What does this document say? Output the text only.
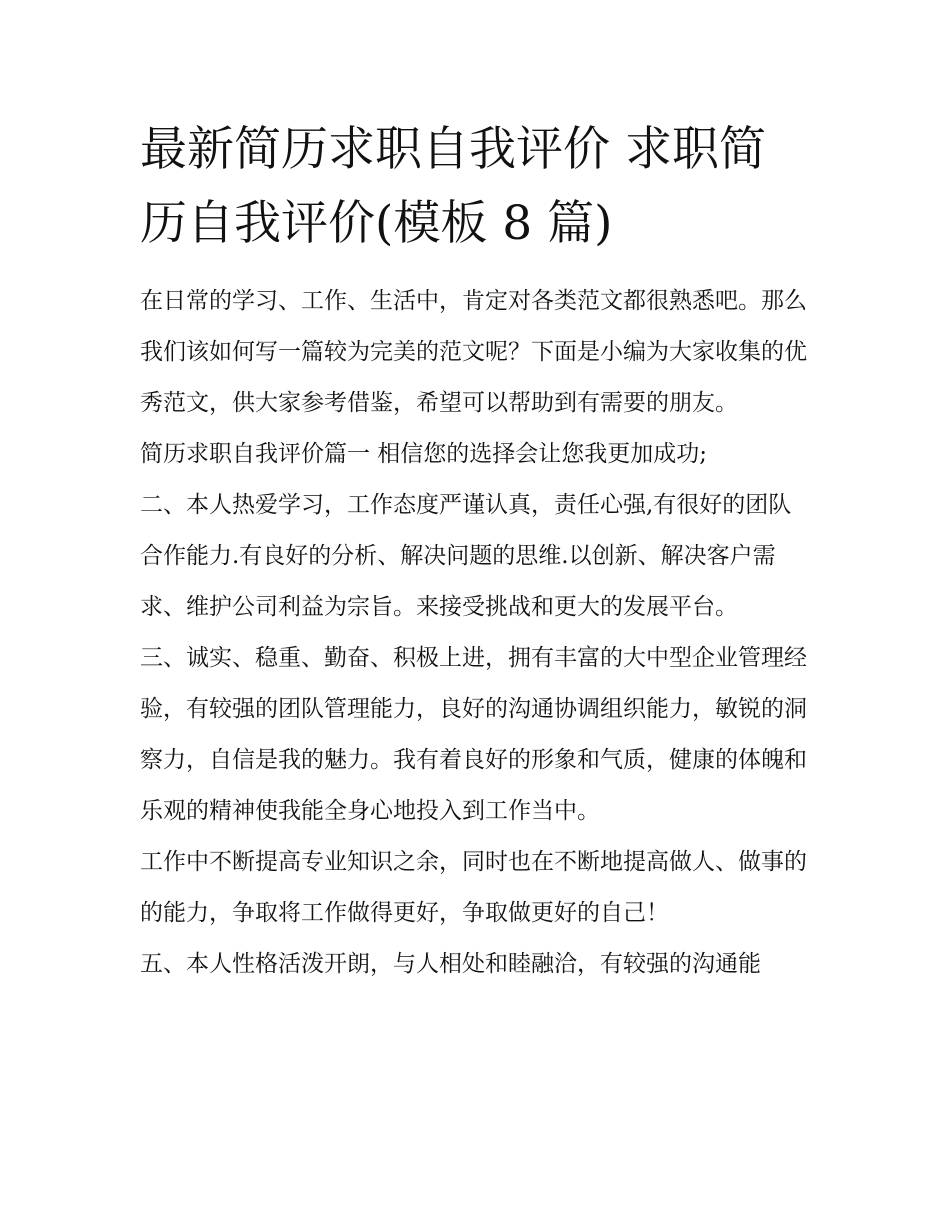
最新简历求职自我评价 求职简历自我评价(模板 8 篇)

在日常的学习、工作、生活中，肯定对各类范文都很熟悉吧。那么我们该如何写一篇较为完美的范文呢？下面是小编为大家收集的优秀范文，供大家参考借鉴，希望可以帮助到有需要的朋友。

简历求职自我评价篇一 相信您的选择会让您我更加成功;

二、本人热爱学习，工作态度严谨认真，责任心强,有很好的团队合作能力.有良好的分析、解决问题的思维.以创新、解决客户需求、维护公司利益为宗旨。来接受挑战和更大的发展平台。

三、诚实、稳重、勤奋、积极上进，拥有丰富的大中型企业管理经验，有较强的团队管理能力，良好的沟通协调组织能力，敏锐的洞察力，自信是我的魅力。我有着良好的形象和气质，健康的体魄和乐观的精神使我能全身心地投入到工作当中。

工作中不断提高专业知识之余，同时也在不断地提高做人、做事的的能力，争取将工作做得更好，争取做更好的自己！

五、本人性格活泼开朗，与人相处和睦融洽，有较强的沟通能
